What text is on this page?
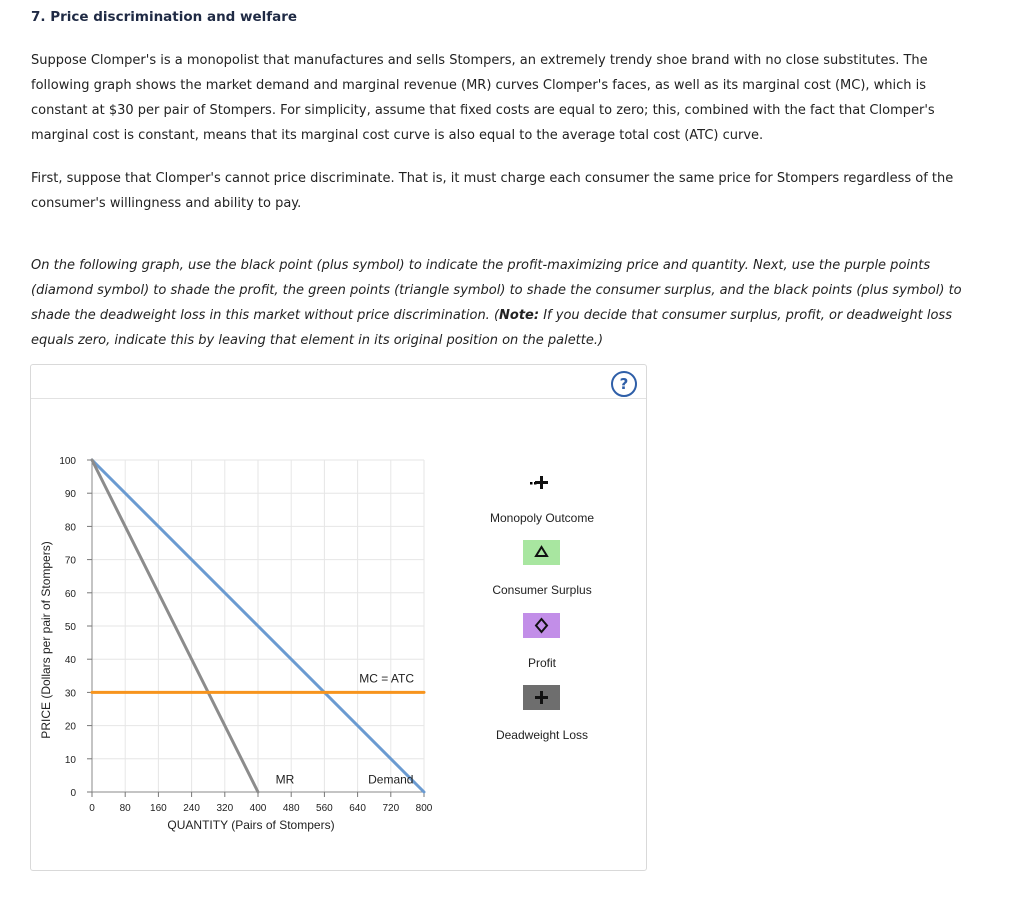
7. Price discrimination and welfare
Suppose Clomper's is a monopolist that manufactures and sells Stompers, an extremely trendy shoe brand with no close substitutes. The following graph shows the market demand and marginal revenue (MR) curves Clomper's faces, as well as its marginal cost (MC), which is constant at $30 per pair of Stompers. For simplicity, assume that fixed costs are equal to zero; this, combined with the fact that Clomper's marginal cost is constant, means that its marginal cost curve is also equal to the average total cost (ATC) curve.
First, suppose that Clomper's cannot price discriminate. That is, it must charge each consumer the same price for Stompers regardless of the consumer's willingness and ability to pay.
On the following graph, use the black point (plus symbol) to indicate the profit-maximizing price and quantity. Next, use the purple points (diamond symbol) to shade the profit, the green points (triangle symbol) to shade the consumer surplus, and the black points (plus symbol) to shade the deadweight loss in this market without price discrimination. (Note: If you decide that consumer surplus, profit, or deadweight loss equals zero, indicate this by leaving that element in its original position on the palette.)
?
0
10
20
30
40
50
60
70
80
90
100
0 80 160 240 320 400 480 560 640 720 800
QUANTITY (Pairs of Stompers)
PRICE (Dollars per pair of Stompers)
MR	Demand
MC = ATC
Monopoly Outcome
Consumer Surplus
Profit
Deadweight Loss
